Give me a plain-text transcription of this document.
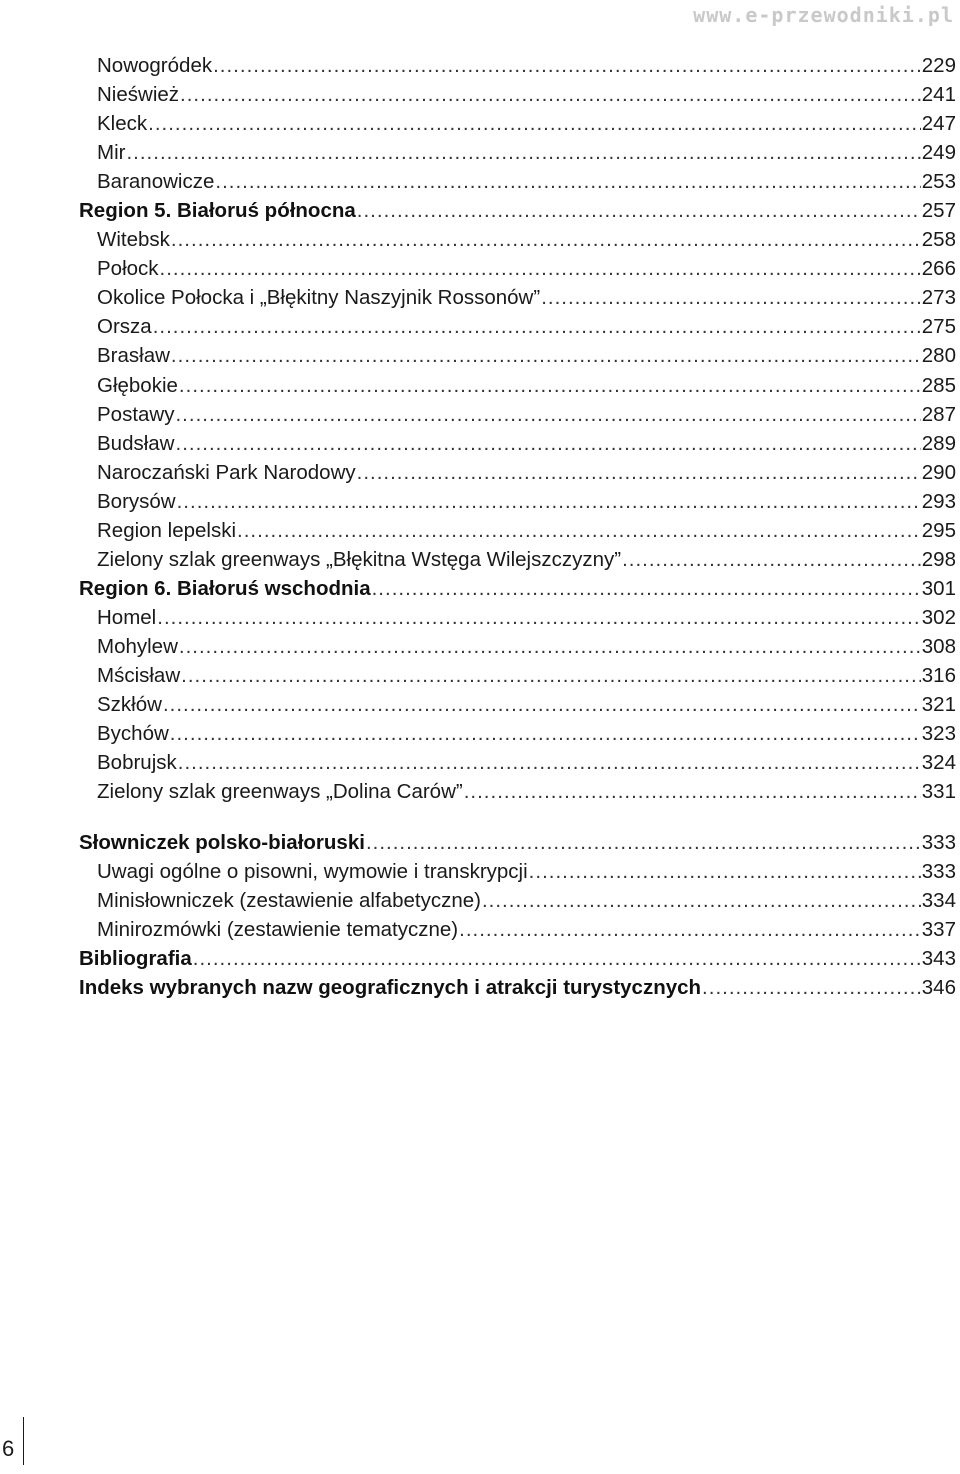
www.e-przewodniki.pl
Nowogródek .....	229
Nieśwież .....	241
Kleck .....	247
Mir .....	249
Baranowicze .....	253
Region 5. Białoruś północna .....	257
Witebsk .....	258
Połock .....	266
Okolice Połocka i „Błękitny Naszyjnik Rossonów” .....	273
Orsza .....	275
Brasław .....	280
Głębokie .....	285
Postawy .....	287
Budsław .....	289
Naroczański Park Narodowy .....	290
Borysów .....	293
Region lepelski .....	295
Zielony szlak greenways „Błękitna Wstęga Wilejszczyzny” .....	298
Region 6. Białoruś wschodnia .....	301
Homel .....	302
Mohylew .....	308
Mścisław .....	316
Szkłów .....	321
Bychów .....	323
Bobrujsk .....	324
Zielony szlak greenways „Dolina Carów” .....	331
Słowniczek polsko-białoruski .....	333
Uwagi ogólne o pisowni, wymowie i transkrypcji .....	333
Minisłowniczek (zestawienie alfabetyczne) .....	334
Minirozmówki (zestawienie tematyczne) .....	337
Bibliografia .....	343
Indeks wybranych nazw geograficznych i atrakcji turystycznych .....	346
6
